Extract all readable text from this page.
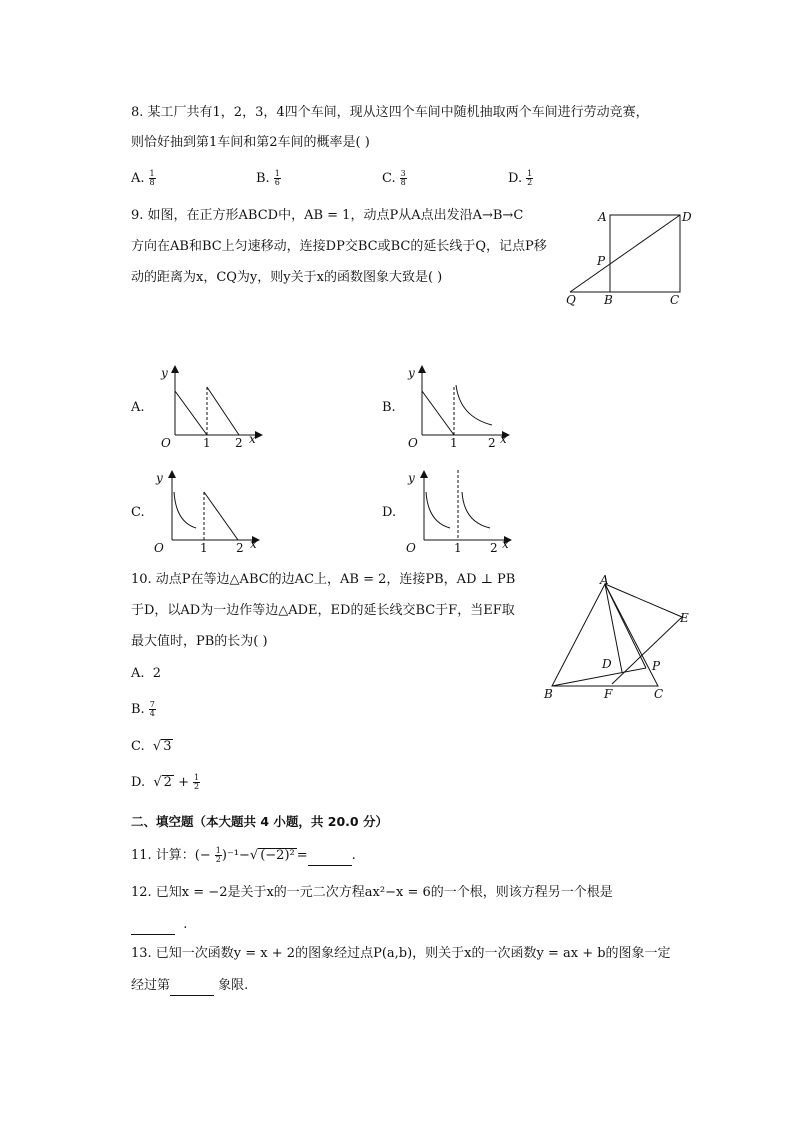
8. 某工厂共有1，2，3，4四个车间，现从这四个车间中随机抽取两个车间进行劳动竞赛，
则恰好抽到第1车间和第2车间的概率是( )
A. $\frac{1}{8}$	B. $\frac{1}{6}$	C. $\frac{3}{8}$	D. $\frac{1}{2}$
9. 如图，在正方形ABCD中，AB = 1，动点P从A点出发沿A→B→C
方向在AB和BC上匀速移动，连接DP交BC或BC的延长线于Q，记点P移
动的距离为x，CQ为y，则y关于x的函数图象大致是( )
A	D
P
Q B	C
A.
y
O	1 2 x
B.
y
O	1	2 x
C.
y
O	1 2 x
D.
y
O	1 2 x
10. 动点P在等边△ABC的边AC上，AB = 2，连接PB，AD ⊥ PB
于D，以AD为一边作等边△ADE，ED的延长线交BC于F，当EF取
最大值时，PB的长为( )
A. 2
B. $\frac{7}{4}$
C.  √ 3
D.  √ $2 + \frac{1}{2}$
A
E
D	P
B	F	C
二、填空题（本大题共 4 小题，共 20.0 分）
11. 计算：(− $\frac{1}{2} )^{-1}-√$ (−2)² =	.
12. 已知x = −2是关于x的一元二次方程ax²−x = 6的一个根，则该方程另一个根是
.
13. 已知一次函数y = x + 2的图象经过点P(a,b)，则关于x的一次函数y = ax + b的图象一定
经过第	象限.
